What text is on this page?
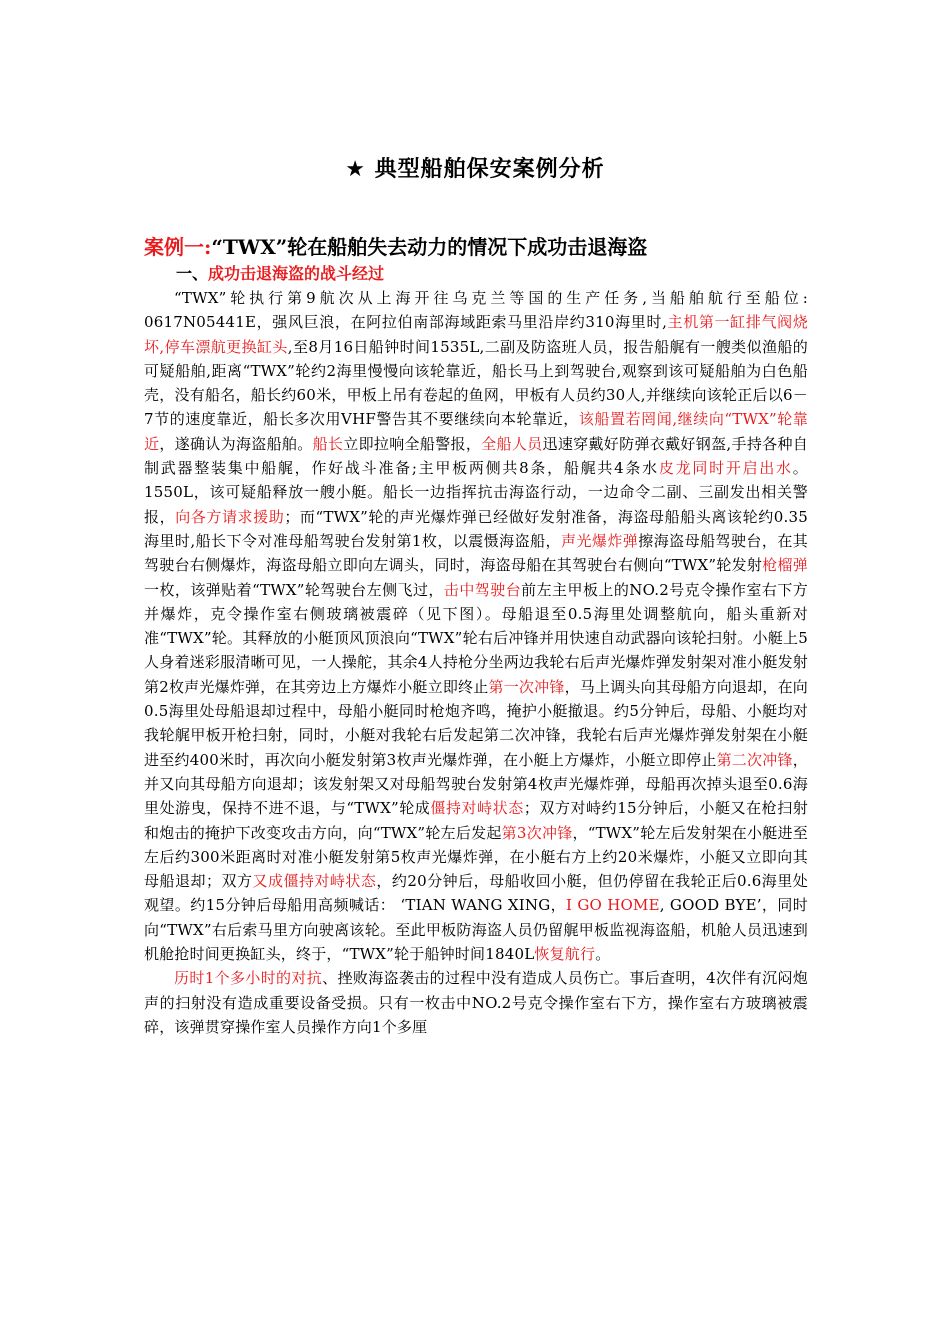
★ 典型船舶保安案例分析
案例一:“TWX”轮在船舶失去动力的情况下成功击退海盗
一、成功击退海盗的战斗经过

“TWX”轮执行第9航次从上海开往乌克兰等国的生产任务,当船舶航行至船位: 0617N05441E，强风巨浪，在阿拉伯南部海域距索马里沿岸约310海里时,主机第一缸排气阀烧坏,停车漂航更换缸头,至8月16日船钟时间1535L,二副及防盗班人员，报告船艉有一艘类似渔船的可疑船舶,距离“TWX”轮约2海里慢慢向该轮靠近，船长马上到驾驶台,观察到该可疑船舶为白色船壳，没有船名，船长约60米，甲板上吊有卷起的鱼网，甲板有人员约30人,并继续向该轮正后以6－7节的速度靠近，船长多次用VHF警告其不要继续向本轮靠近，该船置若罔闻,继续向“TWX”轮靠近，遂确认为海盗船舶。船长立即拉响全船警报，全船人员迅速穿戴好防弹衣戴好钢盔,手持各种自制武器整装集中船艉，作好战斗准备;主甲板两侧共8条，船艉共4条水皮龙同时开启出水。1550L，该可疑船释放一艘小艇。船长一边指挥抗击海盗行动，一边命令二副、三副发出相关警报，向各方请求援助；而“TWX”轮的声光爆炸弹已经做好发射准备，海盗母船船头离该轮约0.35海里时,船长下令对准母船驾驶台发射第1枚，以震慑海盗船，声光爆炸弹擦海盗母船驾驶台，在其驾驶台右侧爆炸，海盗母船立即向左调头，同时，海盗母船在其驾驶台右侧向“TWX”轮发射枪榴弹一枚，该弹贴着“TWX”轮驾驶台左侧飞过，击中驾驶台前左主甲板上的NO.2号克令操作室右下方并爆炸，克令操作室右侧玻璃被震碎（见下图）。母船退至0.5海里处调整航向，船头重新对准“TWX”轮。其释放的小艇顶风顶浪向“TWX”轮右后冲锋并用快速自动武器向该轮扫射。小艇上5人身着迷彩服清晰可见，一人操舵，其余4人持枪分坐两边我轮右后声光爆炸弹发射架对准小艇发射第2枚声光爆炸弹，在其旁边上方爆炸小艇立即终止第一次冲锋，马上调头向其母船方向退却，在向0.5海里处母船退却过程中，母船小艇同时枪炮齐鸣，掩护小艇撤退。约5分钟后，母船、小艇均对我轮艉甲板开枪扫射，同时，小艇对我轮右后发起第二次冲锋，我轮右后声光爆炸弹发射架在小艇进至约400米时，再次向小艇发射第3枚声光爆炸弹，在小艇上方爆炸，小艇立即停止第二次冲锋，并又向其母船方向退却；该发射架又对母船驾驶台发射第4枚声光爆炸弹，母船再次掉头退至0.6海里处游曳，保持不进不退，与“TWX”轮成僵持对峙状态；双方对峙约15分钟后，小艇又在枪扫射和炮击的掩护下改变攻击方向，向“TWX”轮左后发起第3次冲锋，“TWX”轮左后发射架在小艇进至左后约300米距离时对准小艇发射第5枚声光爆炸弹，在小艇右方上约20米爆炸，小艇又立即向其母船退却；双方又成僵持对峙状态，约20分钟后，母船收回小艇，但仍停留在我轮正后0.6海里处观望。约15分钟后母船用高频喊话： ‘TIAN WANG XING，I GO HOME, GOOD BYE’，同时向“TWX”右后索马里方向驶离该轮。至此甲板防海盗人员仍留艉甲板监视海盗船，机舱人员迅速到机舱抢时间更换缸头，终于，“TWX”轮于船钟时间1840L恢复航行。

历时1个多小时的对抗、挫败海盗袭击的过程中没有造成人员伤亡。事后查明，4次伴有沉闷炮声的扫射没有造成重要设备受损。只有一枚击中NO.2号克令操作室右下方，操作室右方玻璃被震碎，该弹贯穿操作室人员操作方向1个多厘
